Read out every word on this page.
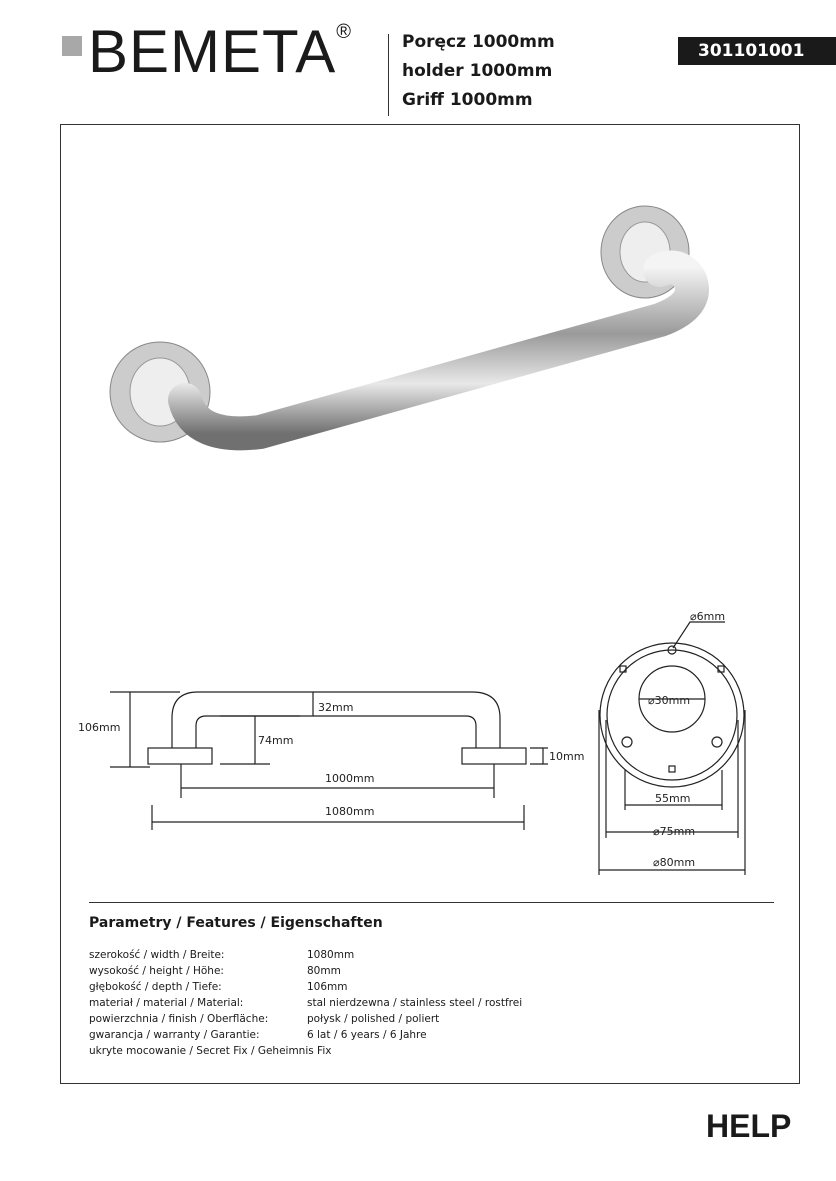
BEMETA®	Poręcz 1000mm
holder 1000mm
Griff 1000mm
301101001
106mm
32mm
74mm
10mm
1000mm
1080mm
⌀6mm
⌀30mm
55mm
⌀75mm
⌀80mm
Parametry / Features / Eigenschaften
szerokość / width / Breite:	1080mm
wysokość / height / Höhe:	80mm
głębokość / depth / Tiefe:	106mm
materiał / material / Material:	stal nierdzewna / stainless steel / rostfrei
powierzchnia / finish / Oberfläche:	połysk / polished / poliert
gwarancja / warranty / Garantie:	6 lat / 6 years / 6 Jahre
ukryte mocowanie / Secret Fix / Geheimnis Fix
HELP
